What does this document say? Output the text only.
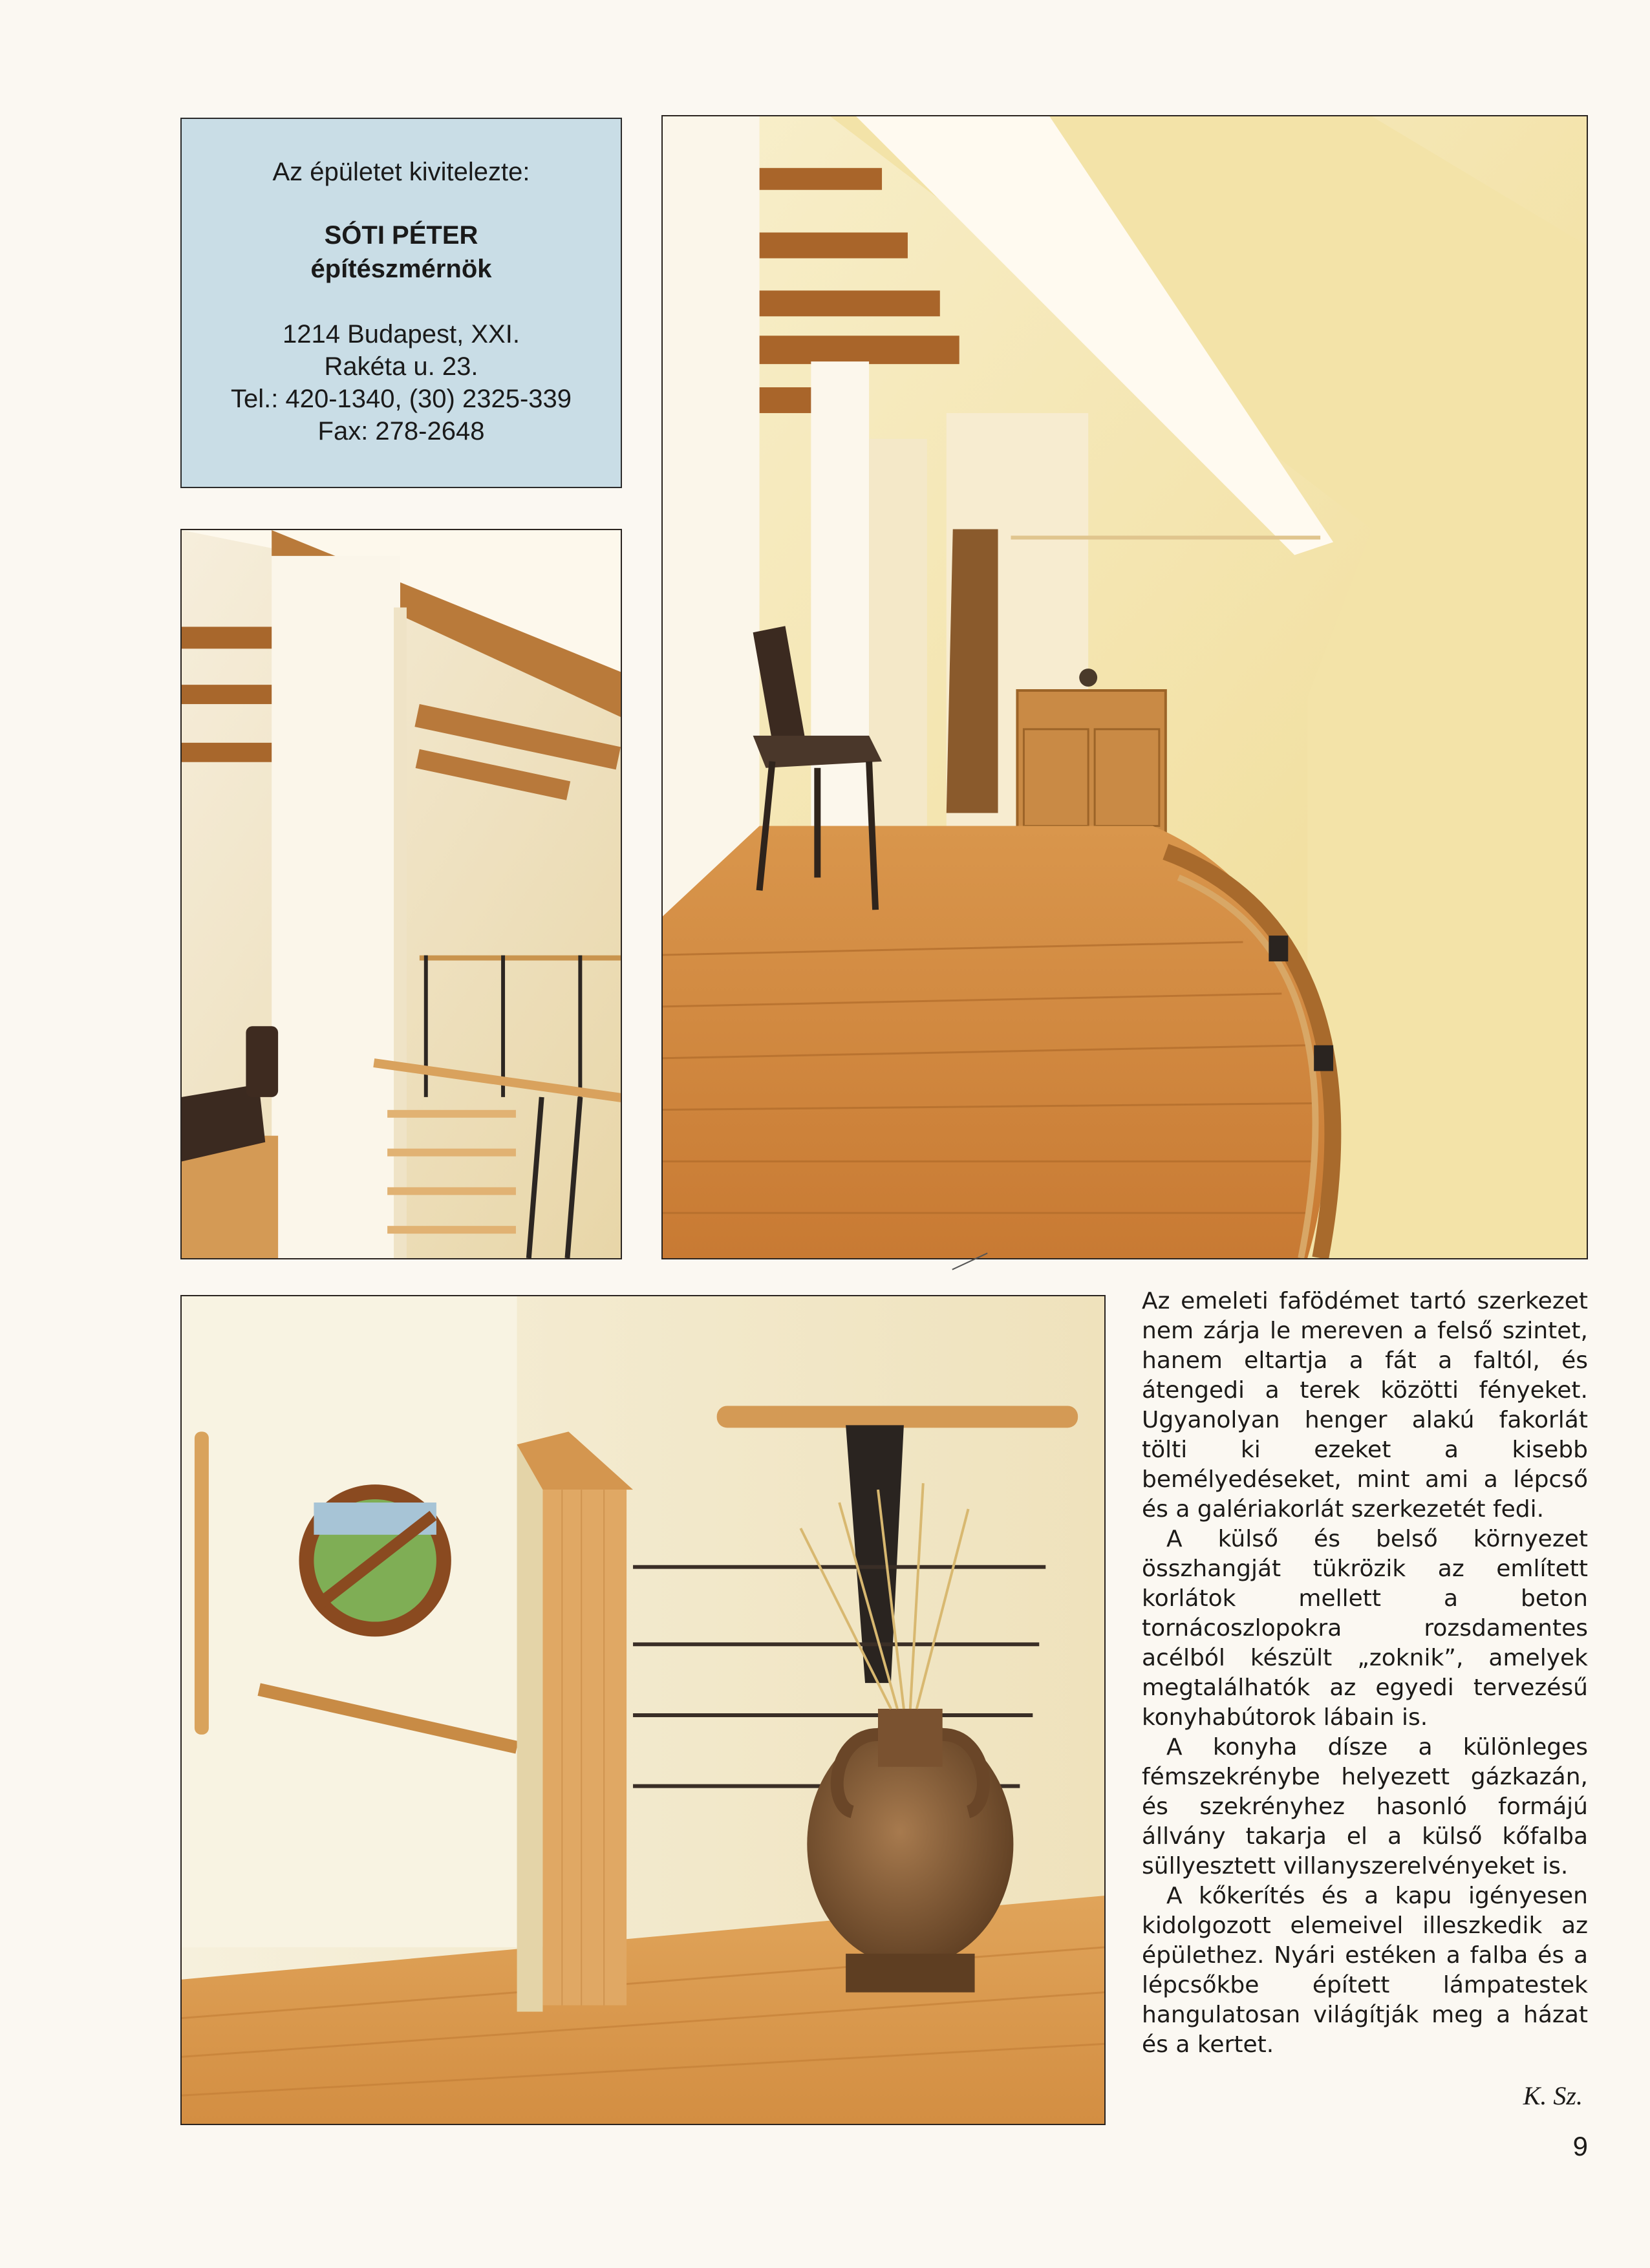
Az épületet kivitelezte:
SÓTI PÉTER
építészmérnök
1214 Budapest, XXI.
Rakéta u. 23.
Tel.: 420-1340, (30) 2325-339
Fax: 278-2648

Az emeleti fafödémet tartó szerkezet nem zárja le mereven a felső szintet, hanem eltartja a fát a faltól, és átengedi a terek közötti fényeket. Ugyanolyan henger alakú fakorlát tölti ki ezeket a kisebb bemélyedéseket, mint ami a lépcső és a galériakorlát szerkezetét fedi.

A külső és belső környezet összhangját tükrözik az említett korlátok mellett a beton tornácoszlopokra rozsdamentes acélból készült „zoknik”, amelyek megtalálhatók az egyedi tervezésű konyhabútorok lábain is.

A konyha dísze a különleges fémszekrénybe helyezett gázkazán, és szekrényhez hasonló formájú állvány takarja el a külső kőfalba süllyesztett villanyszerelvényeket is.

A kőkerítés és a kapu igényesen kidolgozott elemeivel illeszkedik az épülethez. Nyári estéken a falba és a lépcsőkbe épített lámpatestek hangulatosan világítják meg a házat és a kertet.

K. Sz.
9
